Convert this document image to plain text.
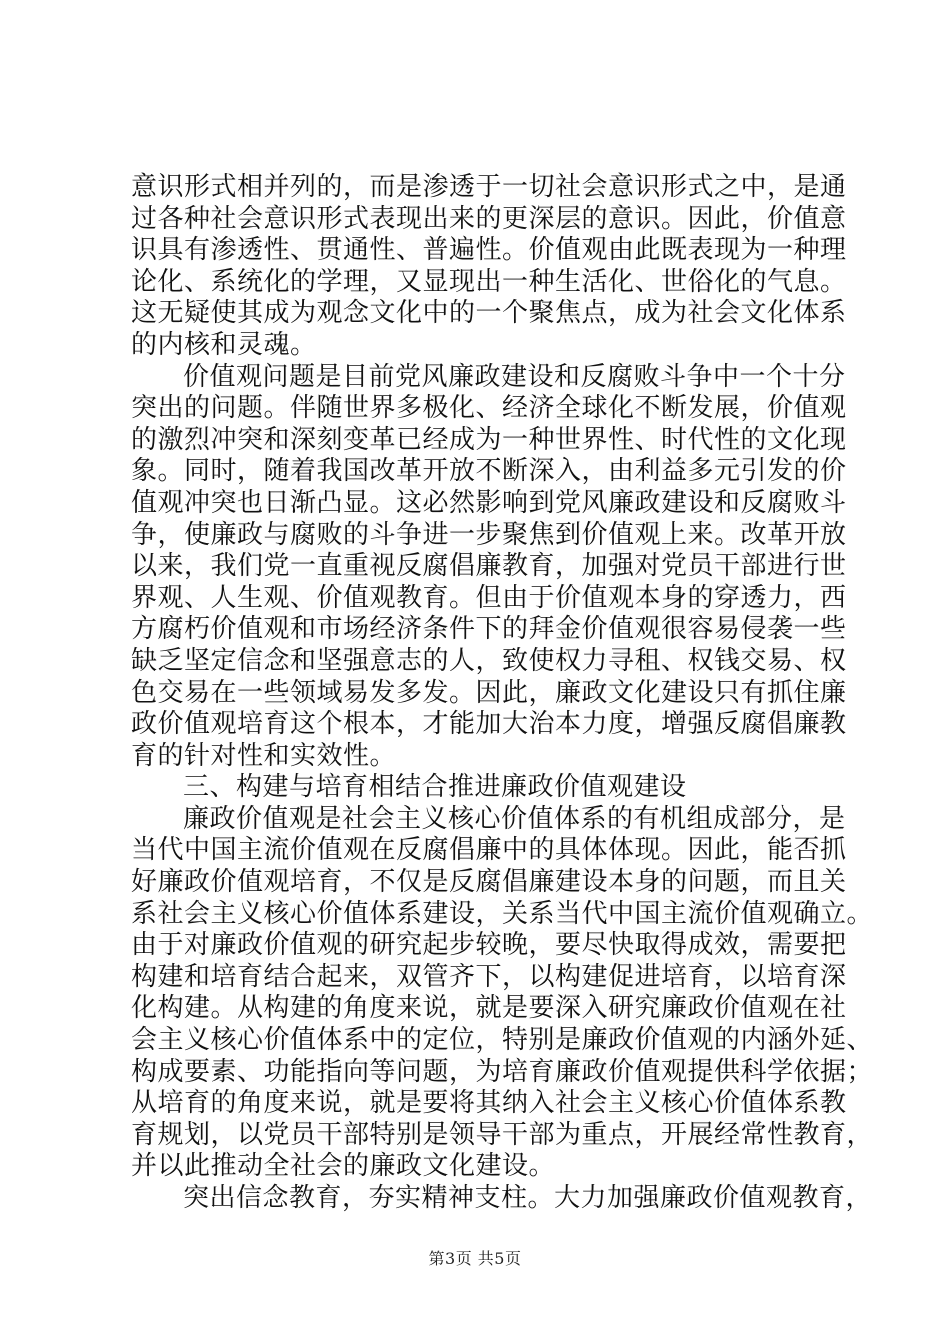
意识形式相并列的，而是渗透于一切社会意识形式之中，是通
过各种社会意识形式表现出来的更深层的意识。因此，价值意
识具有渗透性、贯通性、普遍性。价值观由此既表现为一种理
论化、系统化的学理，又显现出一种生活化、世俗化的气息。
这无疑使其成为观念文化中的一个聚焦点，成为社会文化体系
的内核和灵魂。
价值观问题是目前党风廉政建设和反腐败斗争中一个十分
突出的问题。伴随世界多极化、经济全球化不断发展，价值观
的激烈冲突和深刻变革已经成为一种世界性、时代性的文化现
象。同时，随着我国改革开放不断深入，由利益多元引发的价
值观冲突也日渐凸显。这必然影响到党风廉政建设和反腐败斗
争，使廉政与腐败的斗争进一步聚焦到价值观上来。改革开放
以来，我们党一直重视反腐倡廉教育，加强对党员干部进行世
界观、人生观、价值观教育。但由于价值观本身的穿透力，西
方腐朽价值观和市场经济条件下的拜金价值观很容易侵袭一些
缺乏坚定信念和坚强意志的人，致使权力寻租、权钱交易、权
色交易在一些领域易发多发。因此，廉政文化建设只有抓住廉
政价值观培育这个根本，才能加大治本力度，增强反腐倡廉教
育的针对性和实效性。
三、构建与培育相结合推进廉政价值观建设
廉政价值观是社会主义核心价值体系的有机组成部分，是
当代中国主流价值观在反腐倡廉中的具体体现。因此，能否抓
好廉政价值观培育，不仅是反腐倡廉建设本身的问题，而且关
系社会主义核心价值体系建设，关系当代中国主流价值观确立。
由于对廉政价值观的研究起步较晚，要尽快取得成效，需要把
构建和培育结合起来，双管齐下，以构建促进培育，以培育深
化构建。从构建的角度来说，就是要深入研究廉政价值观在社
会主义核心价值体系中的定位，特别是廉政价值观的内涵外延、
构成要素、功能指向等问题，为培育廉政价值观提供科学依据；
从培育的角度来说，就是要将其纳入社会主义核心价值体系教
育规划，以党员干部特别是领导干部为重点，开展经常性教育，
并以此推动全社会的廉政文化建设。
突出信念教育，夯实精神支柱。大力加强廉政价值观教育，
第3页 共5页
